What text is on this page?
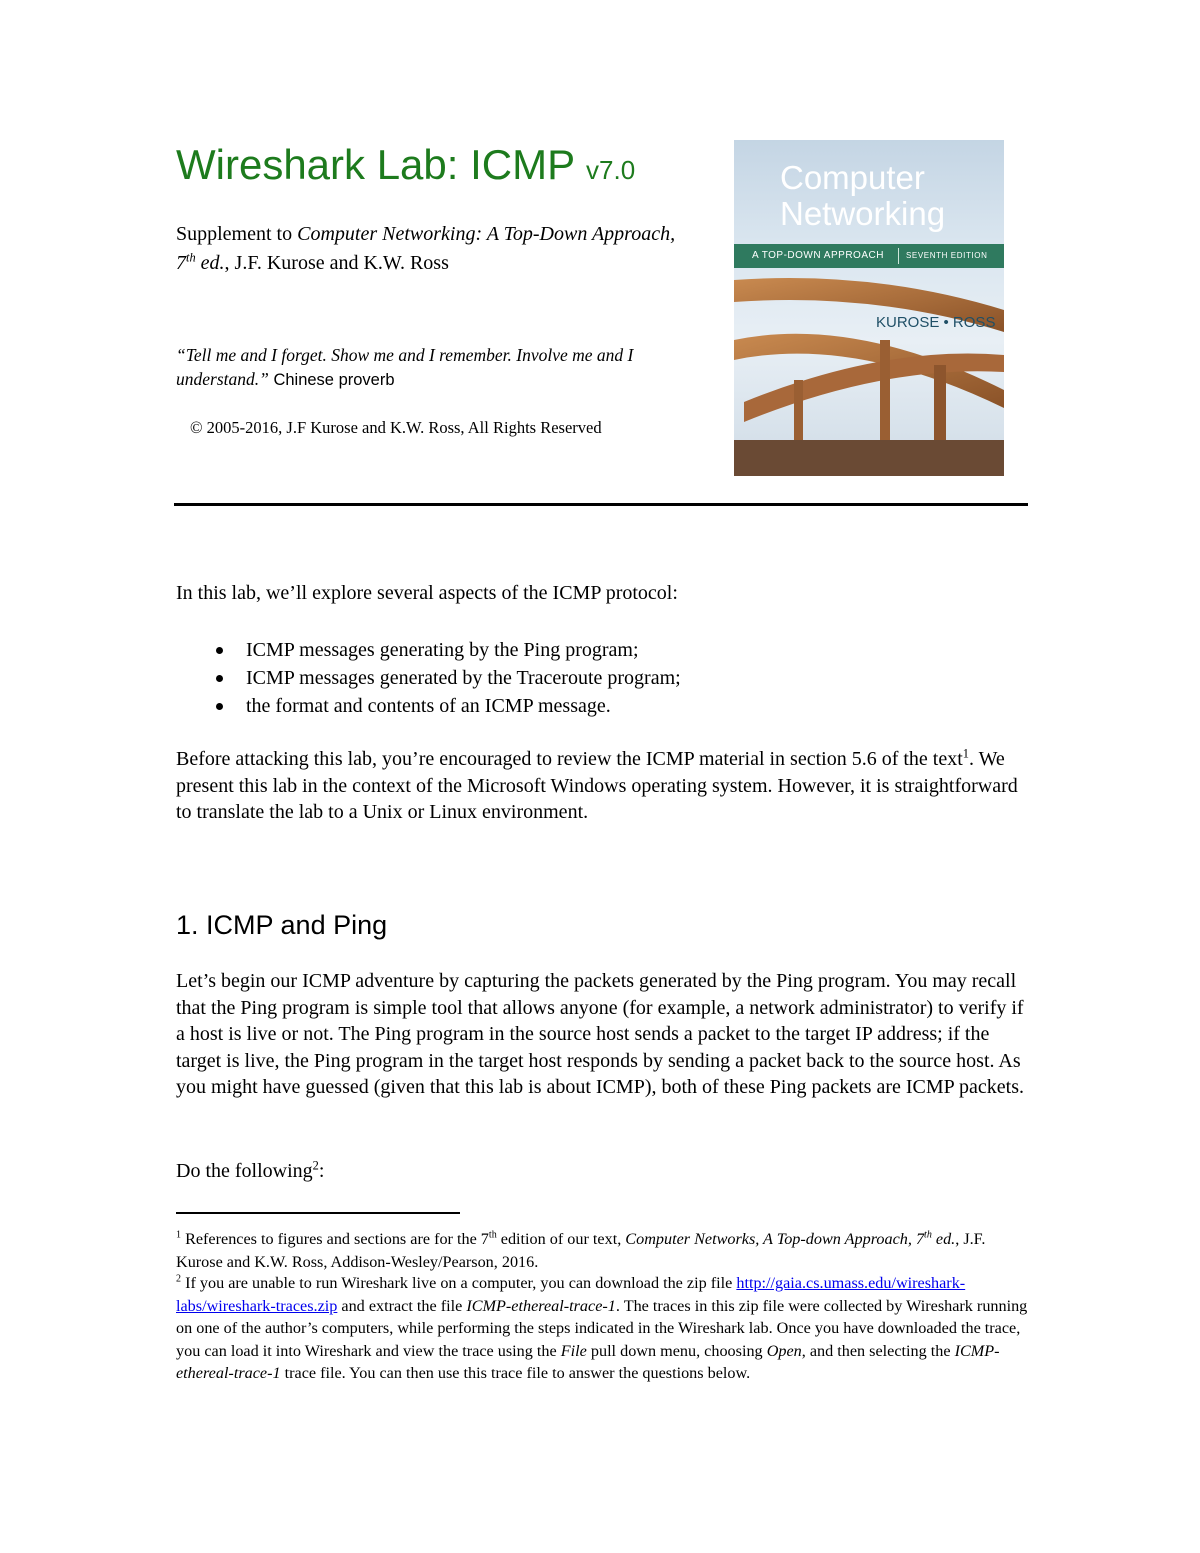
Wireshark Lab: ICMP v7.0
Supplement to Computer Networking: A Top-Down Approach, 7th ed., J.F. Kurose and K.W. Ross
“Tell me and I forget. Show me and I remember. Involve me and I understand.” Chinese proverb
© 2005-2016, J.F Kurose and K.W. Ross, All Rights Reserved
Computer
Networking
A TOP-DOWN APPROACH	SEVENTH EDITION
KUROSE • ROSS
In this lab, we’ll explore several aspects of the ICMP protocol:
ICMP messages generating by the Ping program;
ICMP messages generated by the Traceroute program;
the format and contents of an ICMP message.
Before attacking this lab, you’re encouraged to review the ICMP material in section 5.6 of the text$^1$. We present this lab in the context of the Microsoft Windows operating system. However, it is straightforward to translate the lab to a Unix or Linux environment.
1. ICMP and Ping
Let’s begin our ICMP adventure by capturing the packets generated by the Ping program. You may recall that the Ping program is simple tool that allows anyone (for example, a network administrator) to verify if a host is live or not. The Ping program in the source host sends a packet to the target IP address; if the target is live, the Ping program in the target host responds by sending a packet back to the source host. As you might have guessed (given that this lab is about ICMP), both of these Ping packets are ICMP packets.
Do the following$^2$:
$^1$ References to figures and sections are for the 7th edition of our text, Computer Networks, A Top-down Approach, 7th ed., J.F. Kurose and K.W. Ross, Addison-Wesley/Pearson, 2016.
$^2$ If you are unable to run Wireshark live on a computer, you can download the zip file http://gaia.cs.umass.edu/wireshark-labs/wireshark-traces.zip and extract the file ICMP-ethereal-trace-1. The traces in this zip file were collected by Wireshark running on one of the author’s computers, while performing the steps indicated in the Wireshark lab. Once you have downloaded the trace, you can load it into Wireshark and view the trace using the File pull down menu, choosing Open, and then selecting the ICMP-ethereal-trace-1 trace file. You can then use this trace file to answer the questions below.
